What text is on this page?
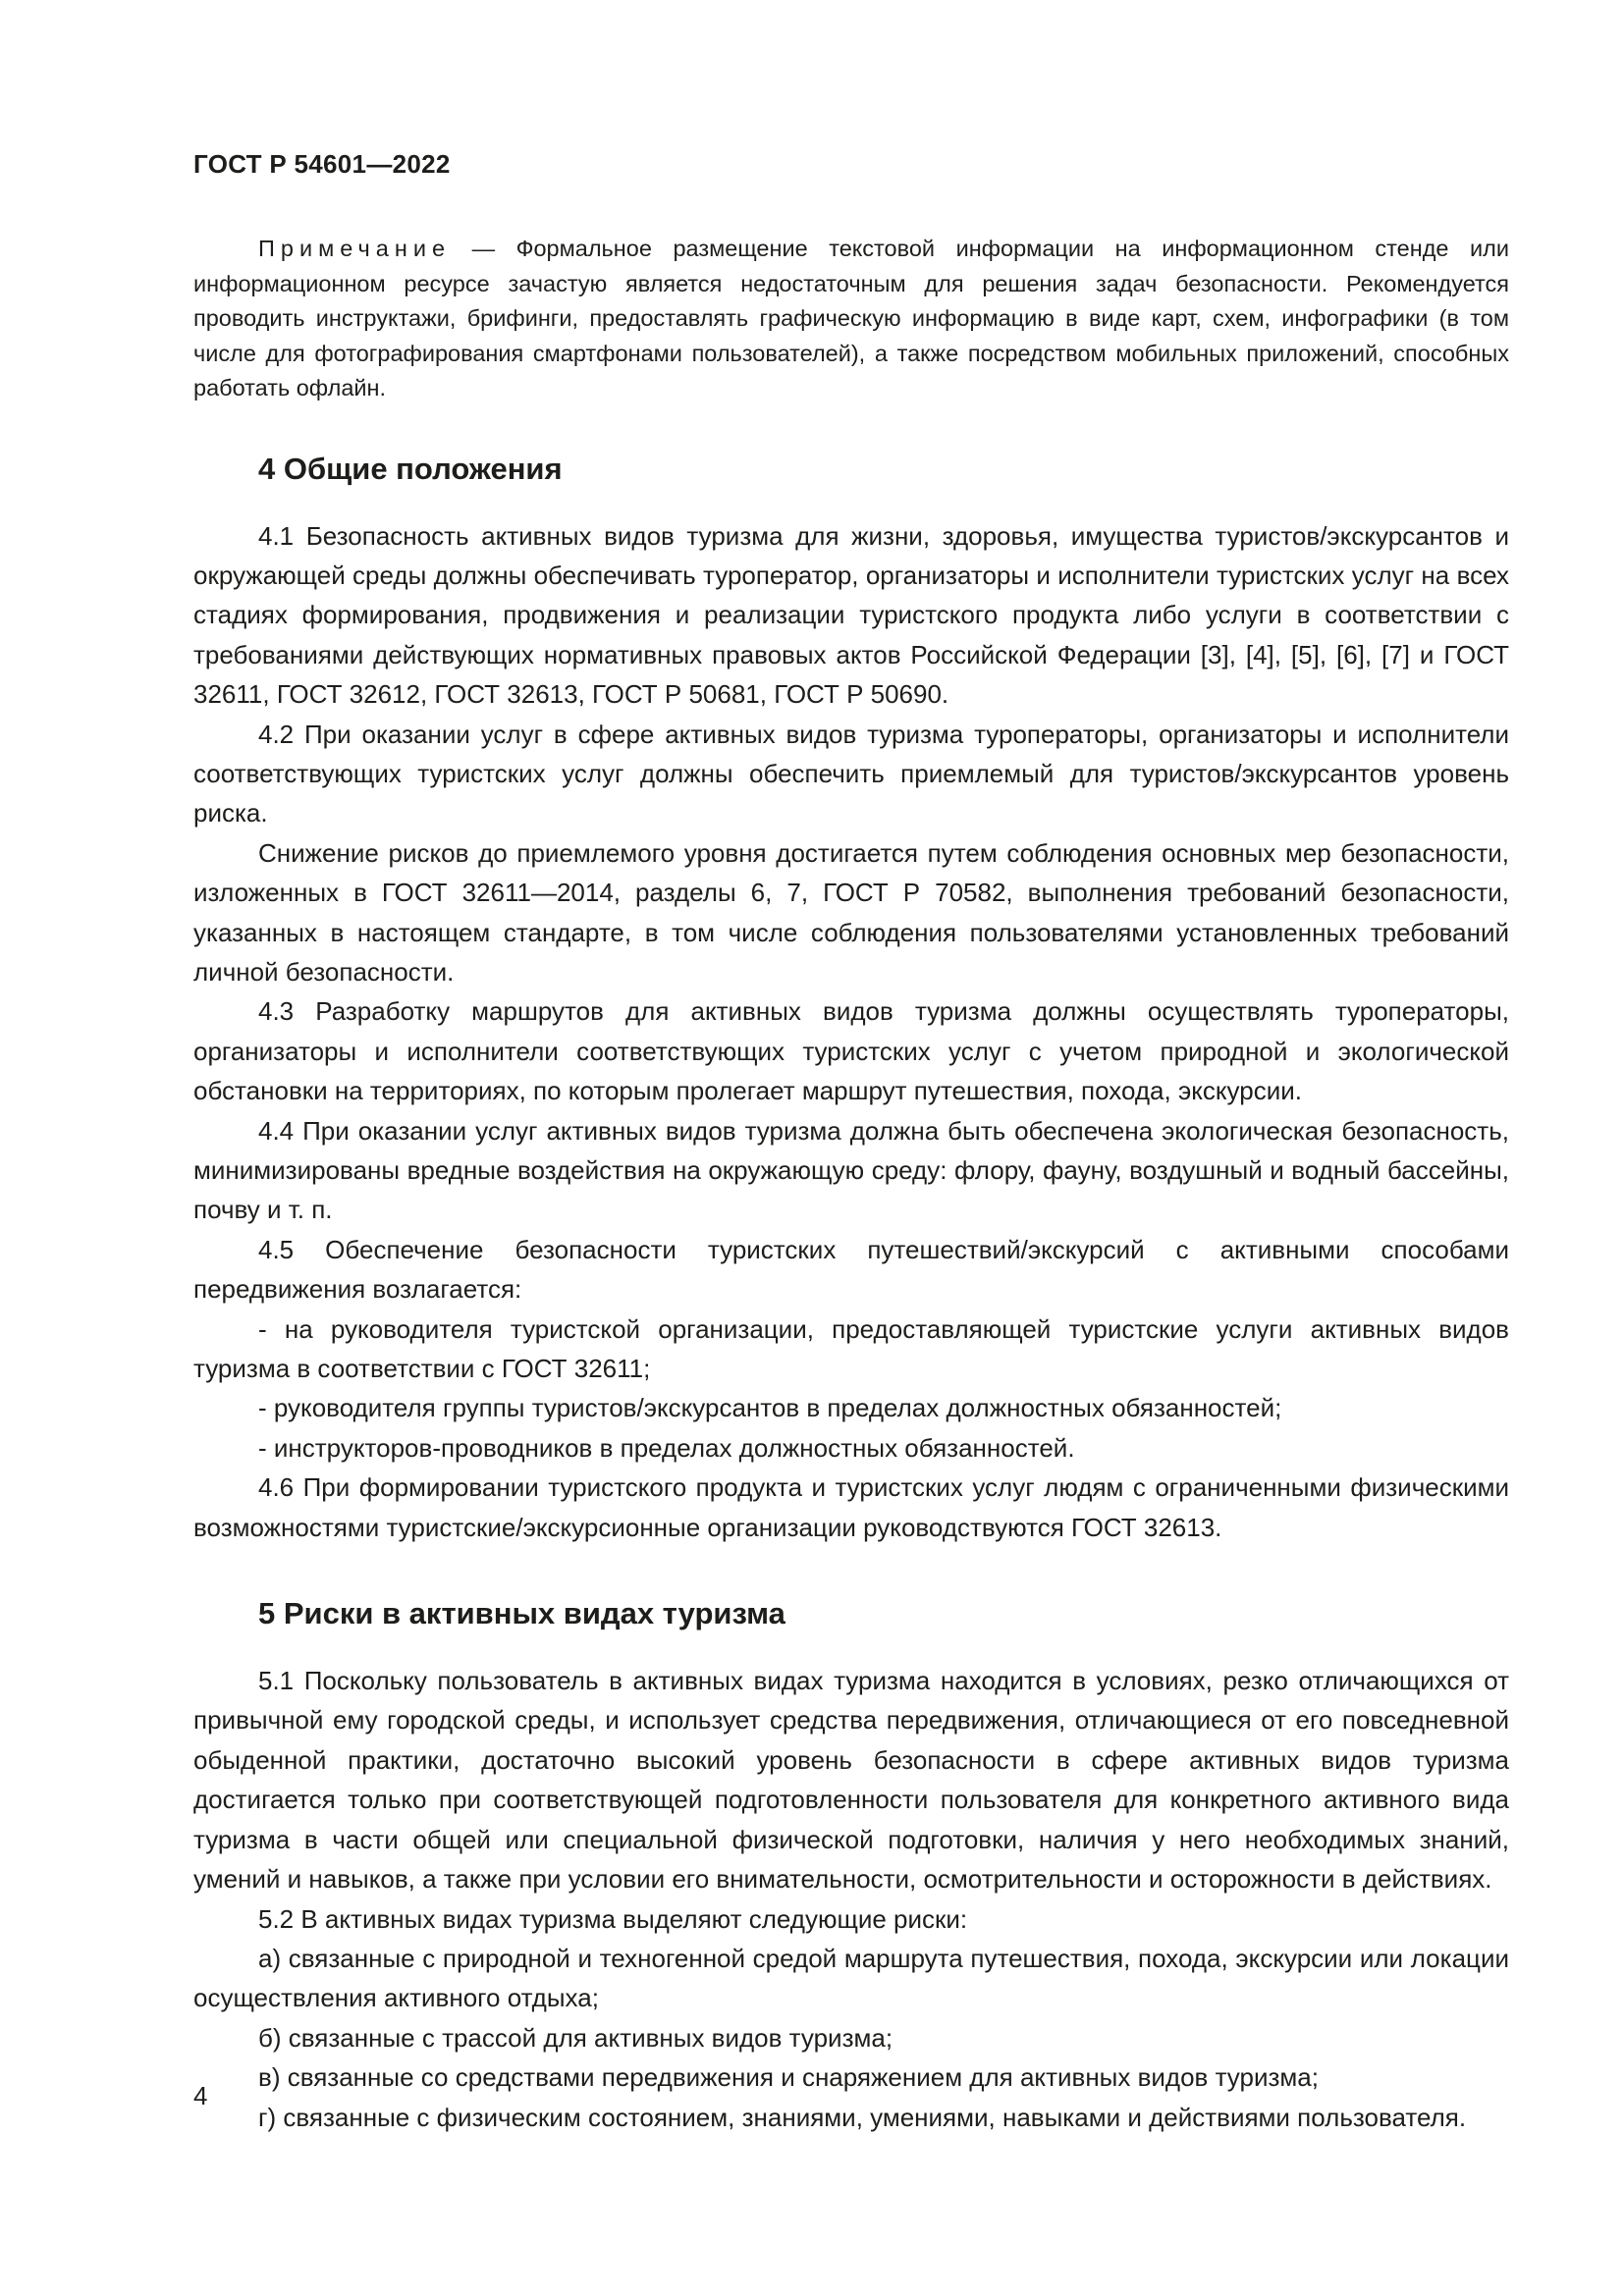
ГОСТ Р 54601—2022

Примечание — Формальное размещение текстовой информации на информационном стенде или информационном ресурсе зачастую является недостаточным для решения задач безопасности. Рекомендуется проводить инструктажи, брифинги, предоставлять графическую информацию в виде карт, схем, инфографики (в том числе для фотографирования смартфонами пользователей), а также посредством мобильных приложений, способных работать офлайн.

4 Общие положения

4.1 Безопасность активных видов туризма для жизни, здоровья, имущества туристов/экскурсантов и окружающей среды должны обеспечивать туроператор, организаторы и исполнители туристских услуг на всех стадиях формирования, продвижения и реализации туристского продукта либо услуги в соответствии с требованиями действующих нормативных правовых актов Российской Федерации [3], [4], [5], [6], [7] и ГОСТ 32611, ГОСТ 32612, ГОСТ 32613, ГОСТ Р 50681, ГОСТ Р 50690.

4.2 При оказании услуг в сфере активных видов туризма туроператоры, организаторы и исполнители соответствующих туристских услуг должны обеспечить приемлемый для туристов/экскурсантов уровень риска.

Снижение рисков до приемлемого уровня достигается путем соблюдения основных мер безопасности, изложенных в ГОСТ 32611—2014, разделы 6, 7, ГОСТ Р 70582, выполнения требований безопасности, указанных в настоящем стандарте, в том числе соблюдения пользователями установленных требований личной безопасности.

4.3 Разработку маршрутов для активных видов туризма должны осуществлять туроператоры, организаторы и исполнители соответствующих туристских услуг с учетом природной и экологической обстановки на территориях, по которым пролегает маршрут путешествия, похода, экскурсии.

4.4 При оказании услуг активных видов туризма должна быть обеспечена экологическая безопасность, минимизированы вредные воздействия на окружающую среду: флору, фауну, воздушный и водный бассейны, почву и т. п.

4.5 Обеспечение безопасности туристских путешествий/экскурсий с активными способами передвижения возлагается:

- на руководителя туристской организации, предоставляющей туристские услуги активных видов туризма в соответствии с ГОСТ 32611;

- руководителя группы туристов/экскурсантов в пределах должностных обязанностей;

- инструкторов-проводников в пределах должностных обязанностей.

4.6 При формировании туристского продукта и туристских услуг людям с ограниченными физическими возможностями туристские/экскурсионные организации руководствуются ГОСТ 32613.

5 Риски в активных видах туризма

5.1 Поскольку пользователь в активных видах туризма находится в условиях, резко отличающихся от привычной ему городской среды, и использует средства передвижения, отличающиеся от его повседневной обыденной практики, достаточно высокий уровень безопасности в сфере активных видов туризма достигается только при соответствующей подготовленности пользователя для конкретного активного вида туризма в части общей или специальной физической подготовки, наличия у него необходимых знаний, умений и навыков, а также при условии его внимательности, осмотрительности и осторожности в действиях.

5.2 В активных видах туризма выделяют следующие риски:

а) связанные с природной и техногенной средой маршрута путешествия, похода, экскурсии или локации осуществления активного отдыха;

б) связанные с трассой для активных видов туризма;

в) связанные со средствами передвижения и снаряжением для активных видов туризма;

г) связанные с физическим состоянием, знаниями, умениями, навыками и действиями пользователя.

4
